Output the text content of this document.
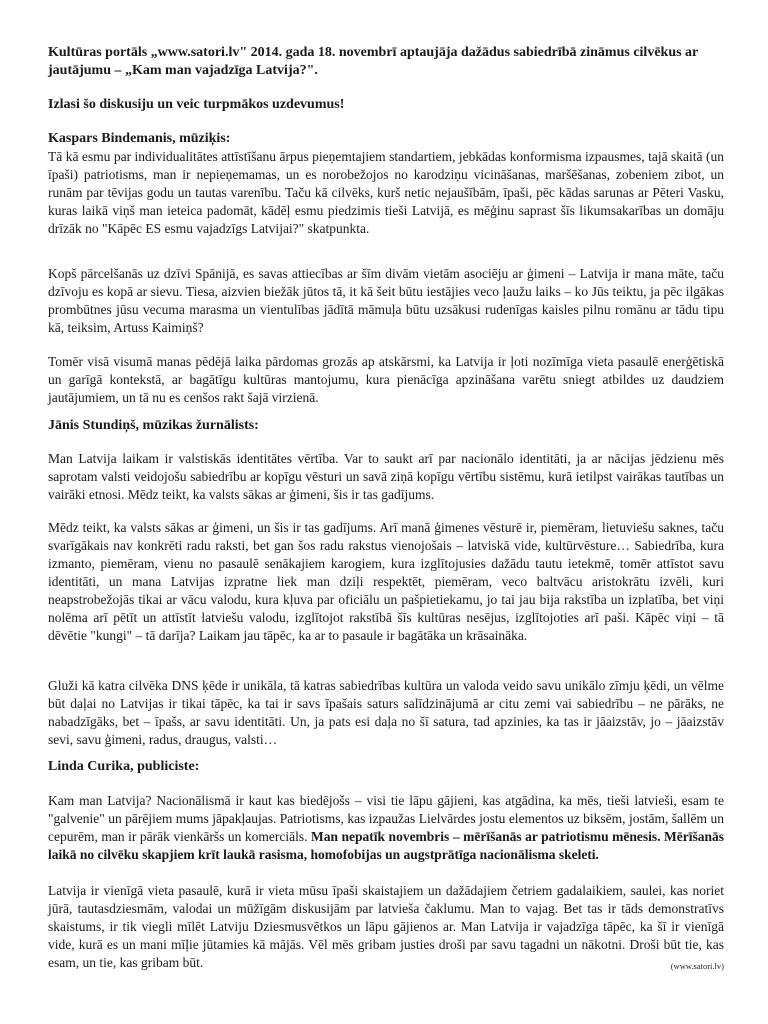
Kultūras portāls „www.satori.lv" 2014. gada 18. novembrī aptaujāja dažādus sabiedrībā zināmus cilvēkus ar jautājumu – „Kam man vajadzīga Latvija?".

Izlasi šo diskusiju un veic turpmākos uzdevumus!

Kaspars Bindemanis, mūziķis:

Tā kā esmu par individualitātes attīstīšanu ārpus pieņemtajiem standartiem, jebkādas konformisma izpausmes, tajā skaitā (un īpaši) patriotisms, man ir nepieņemamas, un es norobežojos no karodziņu vicināšanas, maršēšanas, zobeniem zibot, un runām par tēvijas godu un tautas varenību. Taču kā cilvēks, kurš netic nejaušībām, īpaši, pēc kādas sarunas ar Pēteri Vasku, kuras laikā viņš man ieteica padomāt, kādēļ esmu piedzimis tieši Latvijā, es mēģinu saprast šīs likumsakarības un domāju drīzāk no "Kāpēc ES esmu vajadzīgs Latvijai?" skatpunkta.

Kopš pārcelšanās uz dzīvi Spānijā, es savas attiecības ar šīm divām vietām asociēju ar ģimeni – Latvija ir mana māte, taču dzīvoju es kopā ar sievu. Tiesa, aizvien biežāk jūtos tā, it kā šeit būtu iestājies veco ļaužu laiks – ko Jūs teiktu, ja pēc ilgākas prombūtnes jūsu vecuma marasma un vientulības jādītā māmuļa būtu uzsākusi rudenīgas kaisles pilnu romānu ar tādu tipu kā, teiksim, Artuss Kaimiņš?

Tomēr visā visumā manas pēdējā laika pārdomas grozās ap atskārsmi, ka Latvija ir ļoti nozīmīga vieta pasaulē enerģētiskā un garīgā kontekstā, ar bagātīgu kultūras mantojumu, kura pienācīga apzināšana varētu sniegt atbildes uz daudziem jautājumiem, un tā nu es cenšos rakt šajā virzienā.

Jānis Stundiņš, mūzikas žurnālists:

Man Latvija laikam ir valstiskās identitātes vērtība. Var to saukt arī par nacionālo identitāti, ja ar nācijas jēdzienu mēs saprotam valsti veidojošu sabiedrību ar kopīgu vēsturi un savā ziņā kopīgu vērtību sistēmu, kurā ietilpst vairākas tautības un vairāki etnosi. Mēdz teikt, ka valsts sākas ar ģimeni, šis ir tas gadījums.

Mēdz teikt, ka valsts sākas ar ģimeni, un šis ir tas gadījums. Arī manā ģimenes vēsturē ir, piemēram, lietuviešu saknes, taču svarīgākais nav konkrēti radu raksti, bet gan šos radu rakstus vienojošais – latviskā vide, kultūrvēsture… Sabiedrība, kura izmanto, piemēram, vienu no pasaulē senākajiem karogiem, kura izglītojusies dažādu tautu ietekmē, tomēr attīstot savu identitāti, un mana Latvijas izpratne liek man dziļi respektēt, piemēram, veco baltvācu aristokrātu izvēli, kuri neapstrobežojās tikai ar vācu valodu, kura kļuva par oficiālu un pašpietiekamu, jo tai jau bija rakstība un izplatība, bet viņi nolēma arī pētīt un attīstīt latviešu valodu, izglītojot rakstībā šīs kultūras nesējus, izglītojoties arī paši. Kāpēc viņi – tā dēvētie "kungi" – tā darīja? Laikam jau tāpēc, ka ar to pasaule ir bagātāka un krāsaināka.

Gluži kā katra cilvēka DNS ķēde ir unikāla, tā katras sabiedrības kultūra un valoda veido savu unikālo zīmju ķēdi, un vēlme būt daļai no Latvijas ir tikai tāpēc, ka tai ir savs īpašais saturs salīdzinājumā ar citu zemi vai sabiedrību – ne pārāks, ne nabadzīgāks, bet – īpašs, ar savu identitāti. Un, ja pats esi daļa no šī satura, tad apzinies, ka tas ir jāaizstāv, jo – jāaizstāv sevi, savu ģimeni, radus, draugus, valsti…

Linda Curika, publiciste:

Kam man Latvija? Nacionālismā ir kaut kas biedējošs – visi tie lāpu gājieni, kas atgādina, ka mēs, tieši latvieši, esam te "galvenie" un pārējiem mums jāpakļaujas. Patriotisms, kas izpaužas Lielvārdes jostu elementos uz biksēm, jostām, šallēm un cepurēm, man ir pārāk vienkāršs un komerciāls. Man nepatīk novembris – mērīšanās ar patriotismu mēnesis. Mērīšanās laikā no cilvēku skapjiem krīt laukā rasisma, homofobijas un augstprātīga nacionālisma skeleti.

Latvija ir vienīgā vieta pasaulē, kurā ir vieta mūsu īpaši skaistajiem un dažādajiem četriem gadalaikiem, saulei, kas noriet jūrā, tautasdziesmām, valodai un mūžīgām diskusijām par latvieša čaklumu. Man to vajag. Bet tas ir tāds demonstratīvs skaistums, ir tik viegli mīlēt Latviju Dziesmusvētkos un lāpu gājienos ar. Man Latvija ir vajadzīga tāpēc, ka šī ir vienīgā vide, kurā es un mani mīļie jūtamies kā mājās. Vēl mēs gribam justies droši par savu tagadni un nākotni. Droši būt tie, kas esam, un tie, kas gribam būt.	(www.satori.lv)
